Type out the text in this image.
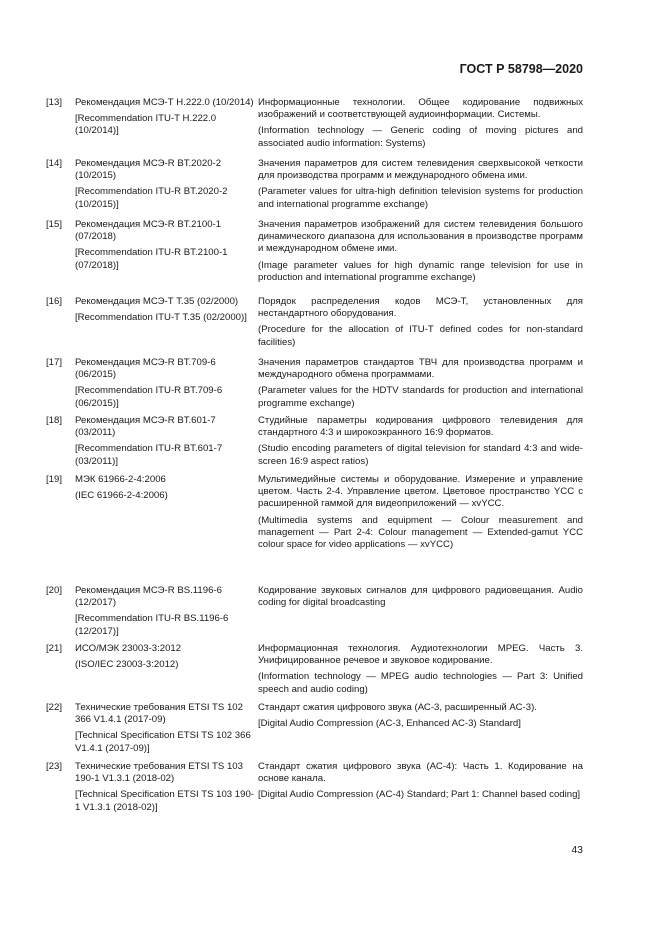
ГОСТ Р 58798—2020
[13]	Рекомендация МСЭ-Т H.222.0 (10/2014)

[Recommendation ITU-T H.222.0 (10/2014)]

Информационные технологии. Общее кодирование подвижных изображений и соответствующей аудиоинформации. Системы.

(Information technology — Generic coding of moving pictures and associated audio information: Systems)

[14]	Рекомендация МСЭ-R BT.2020-2 (10/2015)

[Recommendation ITU-R BT.2020-2 (10/2015)]

Значения параметров для систем телевидения сверхвысокой четкости для производства программ и международного обмена ими.

(Parameter values for ultra-high definition television systems for production and international programme exchange)

[15]	Рекомендация МСЭ-R BT.2100-1 (07/2018)

[Recommendation ITU-R BT.2100-1 (07/2018)]

Значения параметров изображений для систем телевидения большого динамического диапазона для использования в производстве программ и международном обмене ими.

(Image parameter values for high dynamic range television for use in production and international programme exchange)

[16]	Рекомендация МСЭ-Т Т.35 (02/2000)

[Recommendation ITU-T T.35 (02/2000)]

Порядок распределения кодов МСЭ-Т, установленных для нестандартного оборудования.

(Procedure for the allocation of ITU-T defined codes for non-standard facilities)

[17]	Рекомендация МСЭ-R BT.709-6 (06/2015)

[Recommendation ITU-R BT.709-6 (06/2015)]

Значения параметров стандартов ТВЧ для производства программ и международного обмена программами.

(Parameter values for the HDTV standards for production and international programme exchange)

[18]	Рекомендация МСЭ-R BT.601-7 (03/2011)

[Recommendation ITU-R BT.601-7 (03/2011)]

Студийные параметры кодирования цифрового телевидения для стандартного 4:3 и широкоэкранного 16:9 форматов.

(Studio encoding parameters of digital television for standard 4:3 and wide-screen 16:9 aspect ratios)

[19]	МЭК 61966-2-4:2006

(IEC 61966-2-4:2006)

Мультимедийные системы и оборудование. Измерение и управление цветом. Часть 2-4. Управление цветом. Цветовое пространство YCC с расширенной гаммой для видеоприложений — xvYCC.

(Multimedia systems and equipment — Colour measurement and management — Part 2-4: Colour management — Extended-gamut YCC colour space for video applications — xvYCC)

[20]	Рекомендация МСЭ-R BS.1196-6 (12/2017)

[Recommendation ITU-R BS.1196-6 (12/2017)]

Кодирование звуковых сигналов для цифрового радиовещания. Audio coding for digital broadcasting

[21]	ИСО/МЭК 23003-3:2012

(ISO/IEC 23003-3:2012)

Информационная технология. Аудиотехнологии MPEG. Часть 3. Унифицированное речевое и звуковое кодирование.

(Information technology — MPEG audio technologies — Part 3: Unified speech and audio coding)

[22]	Технические требования ETSI TS 102 366 V1.4.1 (2017-09)

[Technical Specification ETSI TS 102 366 V1.4.1 (2017-09)]

Стандарт сжатия цифрового звука (АС-3, расширенный АС-3).

[Digital Audio Compression (AC-3, Enhanced AC-3) Standard]

[23]	Технические требования ETSI TS 103 190-1 V1.3.1 (2018-02)

[Technical Specification ETSI TS 103 190-1 V1.3.1 (2018-02)]

Стандарт сжатия цифрового звука (АС-4): Часть 1. Кодирование на основе канала.

[Digital Audio Compression (AC-4) Standard; Part 1: Channel based coding]

43
